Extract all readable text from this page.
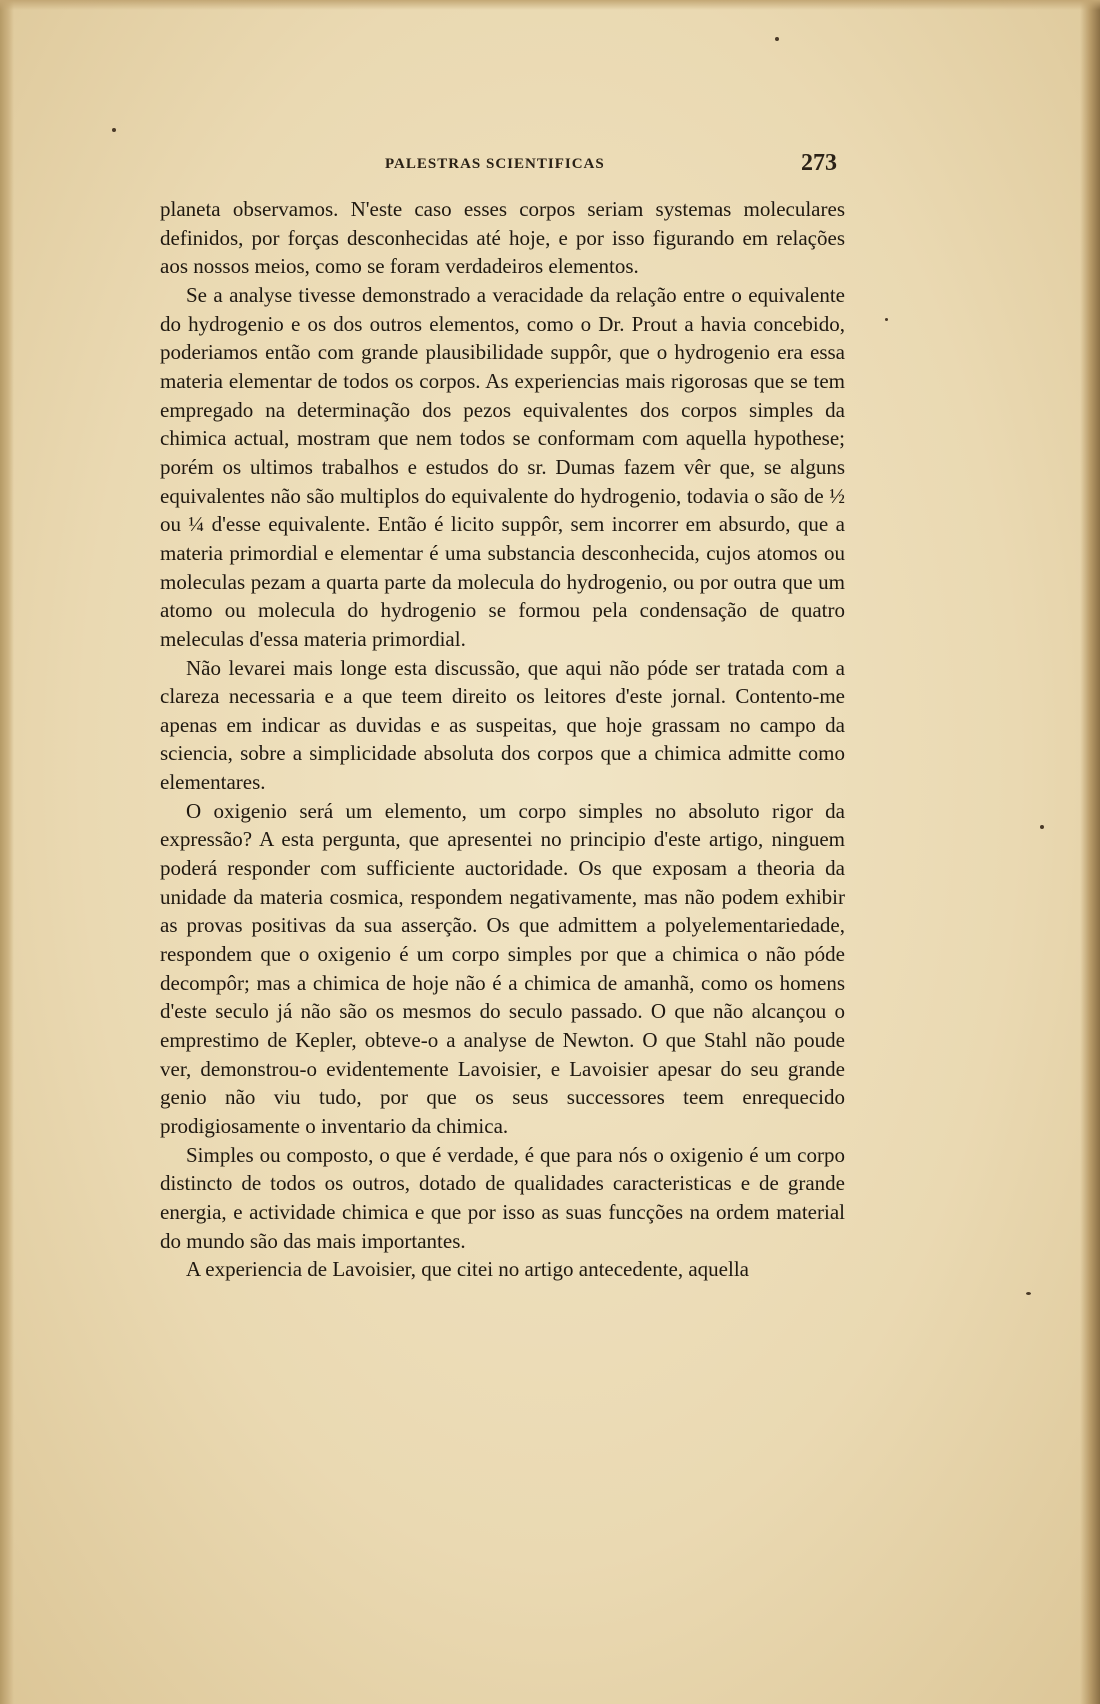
PALESTRAS SCIENTIFICAS	273

planeta observamos. N'este caso esses corpos seriam systemas moleculares definidos, por forças desconhecidas até hoje, e por isso figurando em relações aos nossos meios, como se foram verdadeiros elementos.

Se a analyse tivesse demonstrado a veracidade da relação entre o equivalente do hydrogenio e os dos outros elementos, como o Dr. Prout a havia concebido, poderiamos então com grande plausibilidade suppôr, que o hydrogenio era essa materia elementar de todos os corpos. As experiencias mais rigorosas que se tem empregado na determinação dos pezos equivalentes dos corpos simples da chimica actual, mostram que nem todos se conformam com aquella hypothese; porém os ultimos trabalhos e estudos do sr. Dumas fazem vêr que, se alguns equivalentes não são multiplos do equivalente do hydrogenio, todavia o são de ½ ou ¼ d'esse equivalente. Então é licito suppôr, sem incorrer em absurdo, que a materia primordial e elementar é uma substancia desconhecida, cujos atomos ou moleculas pezam a quarta parte da molecula do hydrogenio, ou por outra que um atomo ou molecula do hydrogenio se formou pela condensação de quatro meleculas d'essa materia primordial.

Não levarei mais longe esta discussão, que aqui não póde ser tratada com a clareza necessaria e a que teem direito os leitores d'este jornal. Contento-me apenas em indicar as duvidas e as suspeitas, que hoje grassam no campo da sciencia, sobre a simplicidade absoluta dos corpos que a chimica admitte como elementares.

O oxigenio será um elemento, um corpo simples no absoluto rigor da expressão? A esta pergunta, que apresentei no principio d'este artigo, ninguem poderá responder com sufficiente auctoridade. Os que exposam a theoria da unidade da materia cosmica, respondem negativamente, mas não podem exhibir as provas positivas da sua asserção. Os que admittem a polyelementariedade, respondem que o oxigenio é um corpo simples por que a chimica o não póde decompôr; mas a chimica de hoje não é a chimica de amanhã, como os homens d'este seculo já não são os mesmos do seculo passado. O que não alcançou o emprestimo de Kepler, obteve-o a analyse de Newton. O que Stahl não poude ver, demonstrou-o evidentemente Lavoisier, e Lavoisier apesar do seu grande genio não viu tudo, por que os seus successores teem enrequecido prodigiosamente o inventario da chimica.

Simples ou composto, o que é verdade, é que para nós o oxigenio é um corpo distincto de todos os outros, dotado de qualidades caracteristicas e de grande energia, e actividade chimica e que por isso as suas funcções na ordem material do mundo são das mais importantes.

A experiencia de Lavoisier, que citei no artigo antecedente, aquella
